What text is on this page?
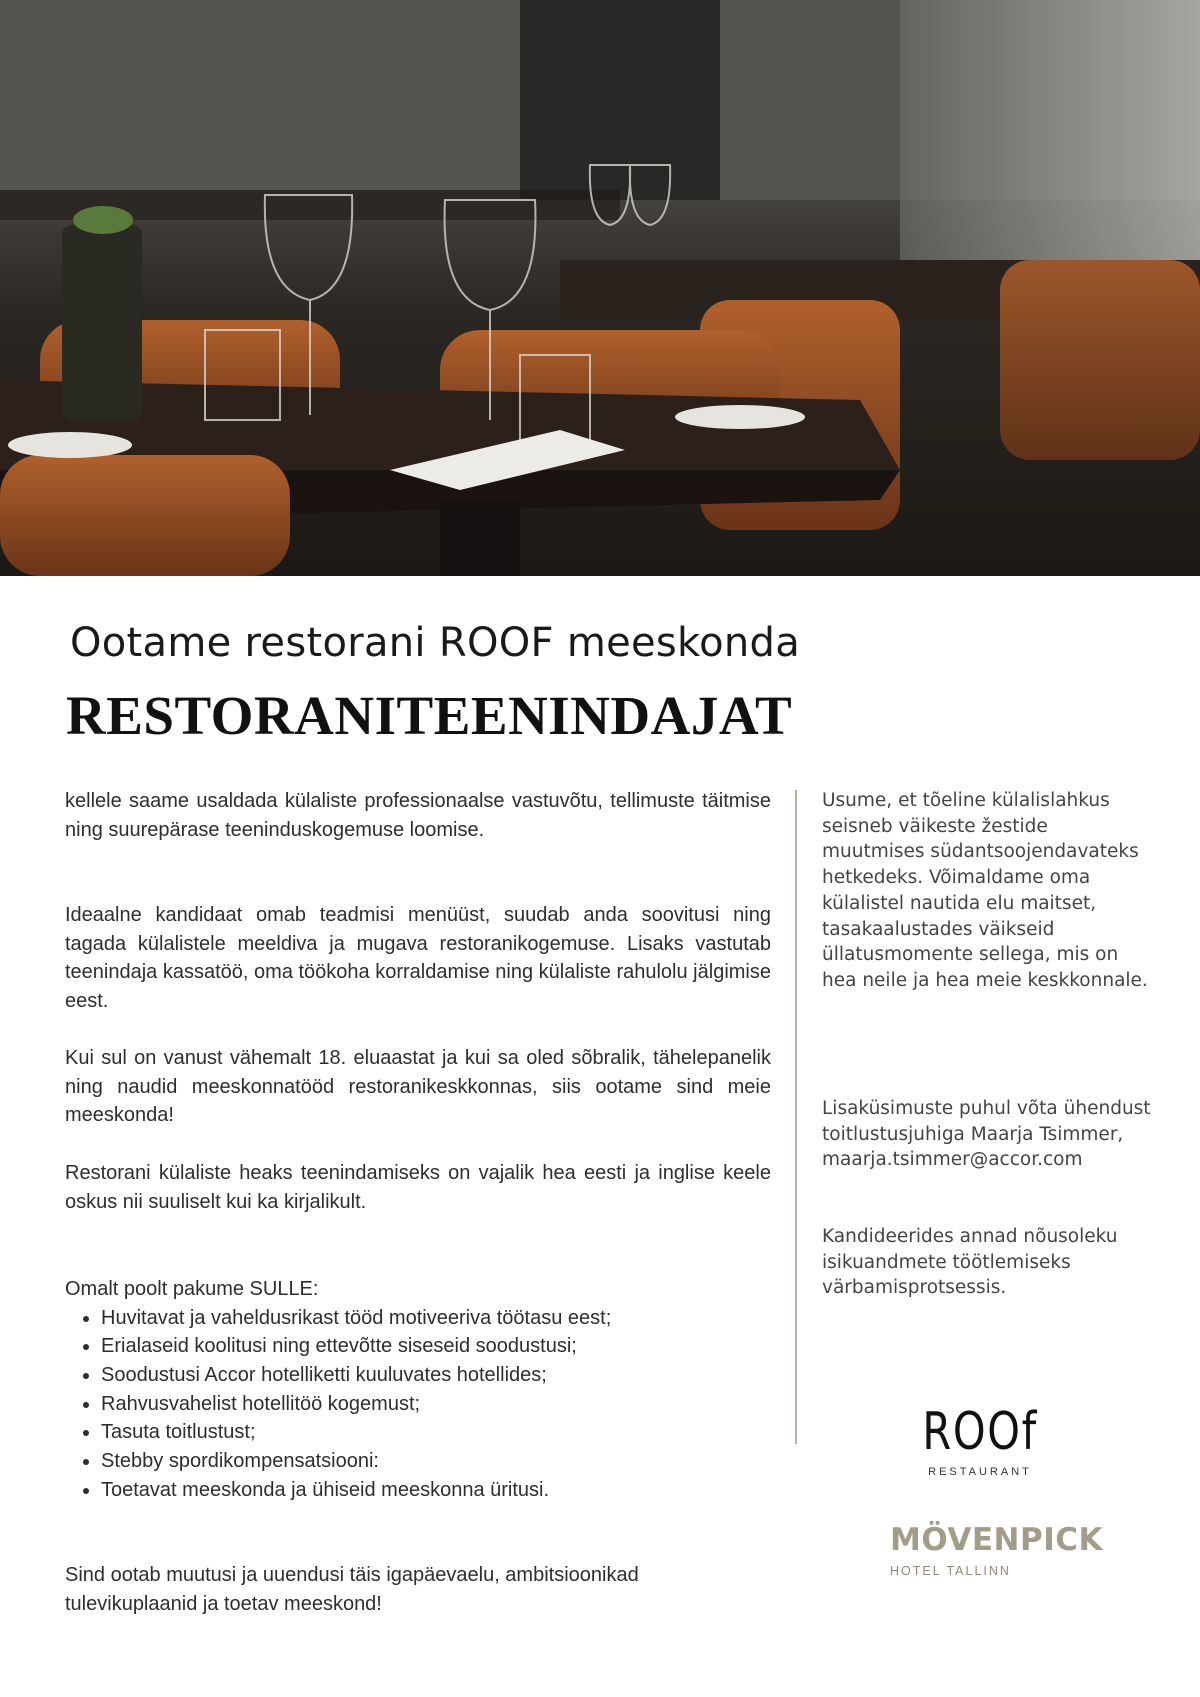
Ootame restorani ROOF meeskonda
RESTORANITEENINDAJAT

kellele saame usaldada külaliste professionaalse vastuvõtu, tellimuste täitmise ning suurepärase teeninduskogemuse loomise.

Ideaalne kandidaat omab teadmisi menüüst, suudab anda soovitusi ning tagada külalistele meeldiva ja mugava restoranikogemuse. Lisaks vastutab teenindaja kassatöö, oma töökoha korraldamise ning külaliste rahulolu jälgimise eest.

Kui sul on vanust vähemalt 18. eluaastat ja kui sa oled sõbralik, tähelepanelik ning naudid meeskonnatööd restoranikeskkonnas, siis ootame sind meie meeskonda!

Restorani külaliste heaks teenindamiseks on vajalik hea eesti ja inglise keele oskus nii suuliselt kui ka kirjalikult.

Omalt poolt pakume SULLE:

• Huvitavat ja vaheldusrikast tööd motiveeriva töötasu eest;
• Erialaseid koolitusi ning ettevõtte siseseid soodustusi;
• Soodustusi Accor hotelliketti kuuluvates hotellides;
• Rahvusvahelist hotellitöö kogemust;
• Tasuta toitlustust;
• Stebby spordikompensatsiooni:
• Toetavat meeskonda ja ühiseid meeskonna üritusi.

Sind ootab muutusi ja uuendusi täis igapäevaelu, ambitsioonikad tulevikuplaanid ja toetav meeskond!

Usume, et tõeline külalislahkus seisneb väikeste žestide muutmises südantsoojendavateks hetkedeks. Võimaldame oma külalistel nautida elu maitset, tasakaalustades väikseid üllatusmomente sellega, mis on hea neile ja hea meie keskkonnale.

Lisaküsimuste puhul võta ühendust toitlustusjuhiga Maarja Tsimmer,

maarja.tsimmer@accor.com

Kandideerides annad nõusoleku isikuandmete töötlemiseks värbamisprotsessis.

ROOf
RESTAURANT
MÖVENPICK
HOTEL TALLINN
